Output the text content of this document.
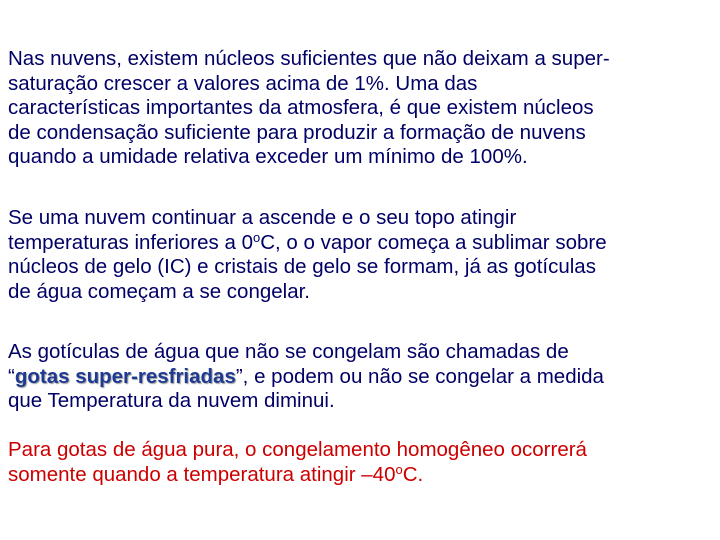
Nas nuvens, existem núcleos suficientes que não deixam a super-
saturação crescer a valores acima de 1%. Uma das
características importantes da atmosfera, é que existem núcleos
de condensação suficiente para produzir a formação de nuvens
quando a umidade relativa exceder um mínimo de 100%.

Se uma nuvem continuar a ascende e o seu topo atingir
temperaturas inferiores a 0$^o$C, o o vapor começa a sublimar sobre
núcleos de gelo (IC) e cristais de gelo se formam, já as gotículas
de água começam a se congelar.

As gotículas de água que não se congelam são chamadas de
“gotas super-resfriadas”, e podem ou não se congelar a medida
que Temperatura da nuvem diminui.

Para gotas de água pura, o congelamento homogêneo ocorrerá
somente quando a temperatura atingir –40$^o$C.
